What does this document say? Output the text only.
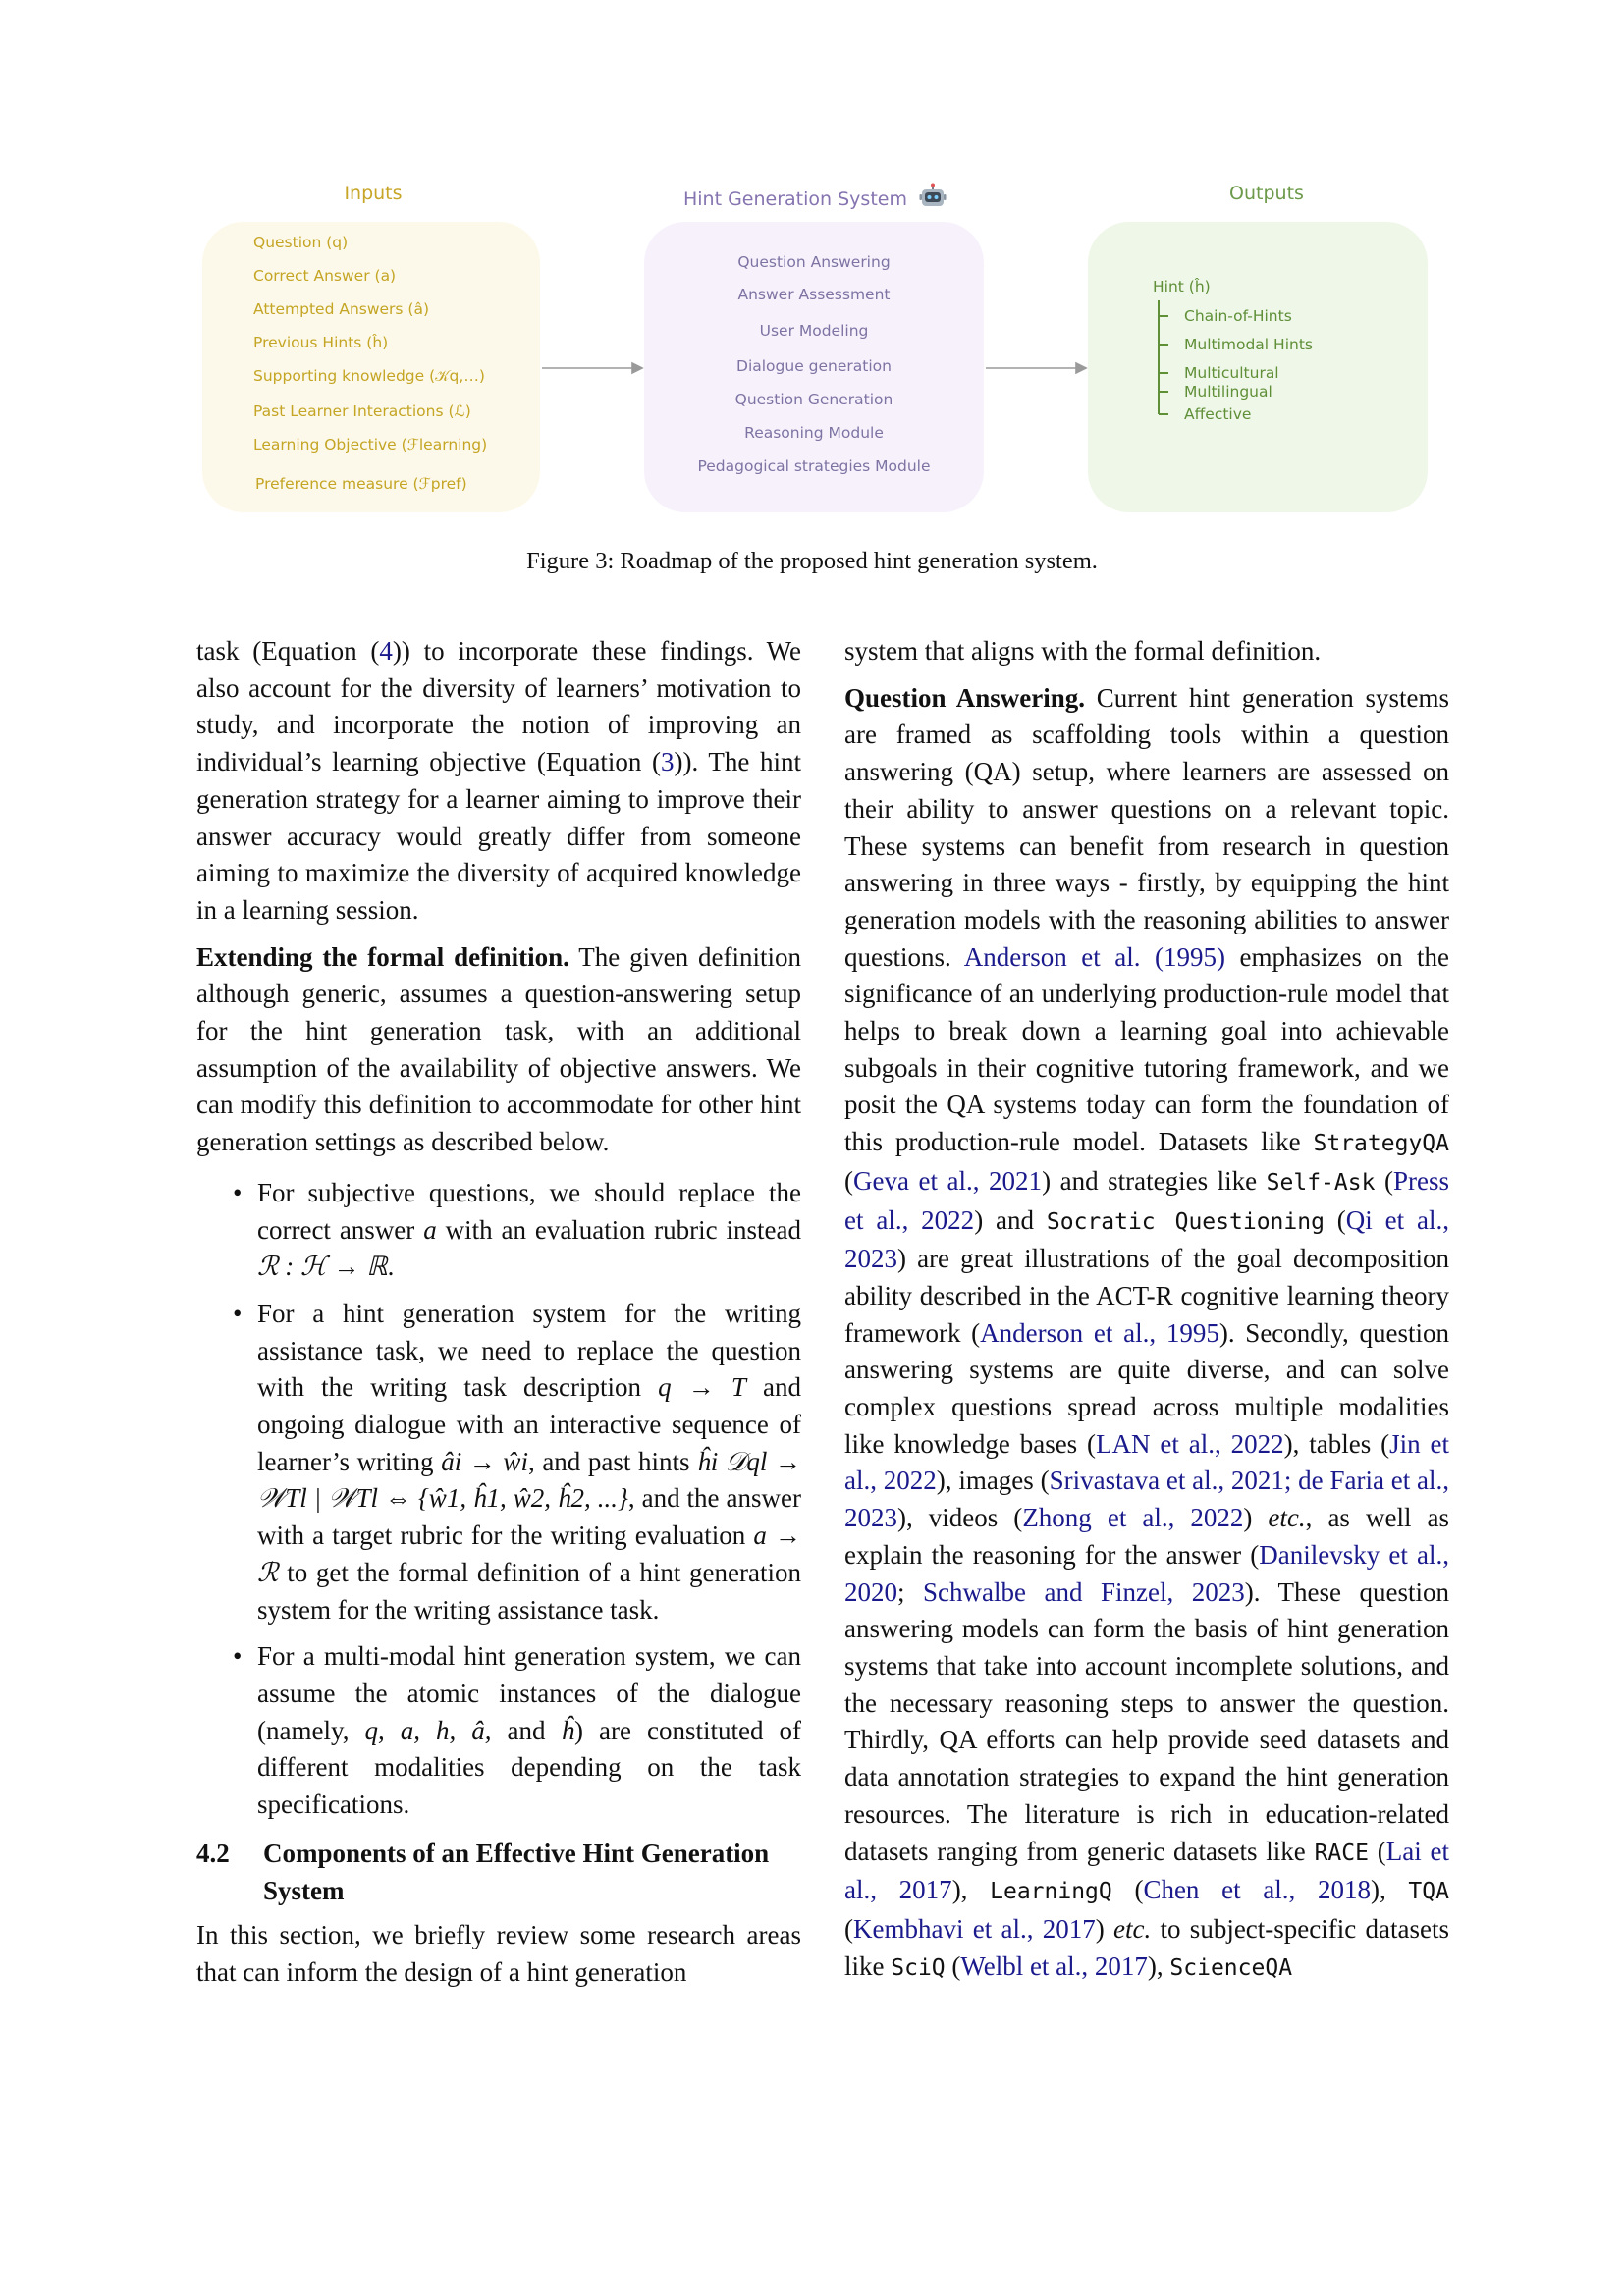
Inputs
Question (q)
Correct Answer (a)
Attempted Answers (â)
Previous Hints (ĥ)
Supporting knowledge (𝒦q,…)
Past Learner Interactions (ℒ)
Learning Objective (ℱlearning)
Preference measure (ℱpref)
Hint Generation System
Question Answering
Answer Assessment
User Modeling
Dialogue generation
Question Generation
Reasoning Module
Pedagogical strategies Module
Outputs
Hint (ĥ)
Chain-of-Hints
Multimodal Hints
Multicultural
Multilingual
Affective
Figure 3: Roadmap of the proposed hint generation system.

task (Equation (4)) to incorporate these findings. We also account for the diversity of learners’ motivation to study, and incorporate the notion of improving an individual’s learning objective (Equation (3)). The hint generation strategy for a learner aiming to improve their answer accuracy would greatly differ from someone aiming to maximize the diversity of acquired knowledge in a learning session.

Extending the formal definition. The given definition although generic, assumes a question-answering setup for the hint generation task, with an additional assumption of the availability of objective answers. We can modify this definition to accommodate for other hint generation settings as described below.

• For subjective questions, we should replace the correct answer a with an evaluation rubric instead ℛ : ℋ → ℝ.
• For a hint generation system for the writing assistance task, we need to replace the question with the writing task description q → T and ongoing dialogue with an interactive sequence of learner’s writing âi → ŵi, and past hints ĥi 𝒟ql → 𝒲Tl | 𝒲Tl ⇔ {ŵ1, ĥ1, ŵ2, ĥ2, ...}, and the answer with a target rubric for the writing evaluation a → ℛ to get the formal definition of a hint generation system for the writing assistance task.
• For a multi-modal hint generation system, we can assume the atomic instances of the dialogue (namely, q, a, h, â, and ĥ) are constituted of different modalities depending on the task specifications.
4.2 Components of an Effective Hint Generation System

In this section, we briefly review some research areas that can inform the design of a hint generation

system that aligns with the formal definition.

Question Answering. Current hint generation systems are framed as scaffolding tools within a question answering (QA) setup, where learners are assessed on their ability to answer questions on a relevant topic. These systems can benefit from research in question answering in three ways - firstly, by equipping the hint generation models with the reasoning abilities to answer questions. Anderson et al. (1995) emphasizes on the significance of an underlying production-rule model that helps to break down a learning goal into achievable subgoals in their cognitive tutoring framework, and we posit the QA systems today can form the foundation of this production-rule model. Datasets like StrategyQA (Geva et al., 2021) and strategies like Self-Ask (Press et al., 2022) and Socratic Questioning (Qi et al., 2023) are great illustrations of the goal decomposition ability described in the ACT-R cognitive learning theory framework (Anderson et al., 1995). Secondly, question answering systems are quite diverse, and can solve complex questions spread across multiple modalities like knowledge bases (LAN et al., 2022), tables (Jin et al., 2022), images (Srivastava et al., 2021; de Faria et al., 2023), videos (Zhong et al., 2022) etc., as well as explain the reasoning for the answer (Danilevsky et al., 2020; Schwalbe and Finzel, 2023). These question answering models can form the basis of hint generation systems that take into account incomplete solutions, and the necessary reasoning steps to answer the question. Thirdly, QA efforts can help provide seed datasets and data annotation strategies to expand the hint generation resources. The literature is rich in education-related datasets ranging from generic datasets like RACE (Lai et al., 2017), LearningQ (Chen et al., 2018), TQA (Kembhavi et al., 2017) etc. to subject-specific datasets like SciQ (Welbl et al., 2017), ScienceQA
